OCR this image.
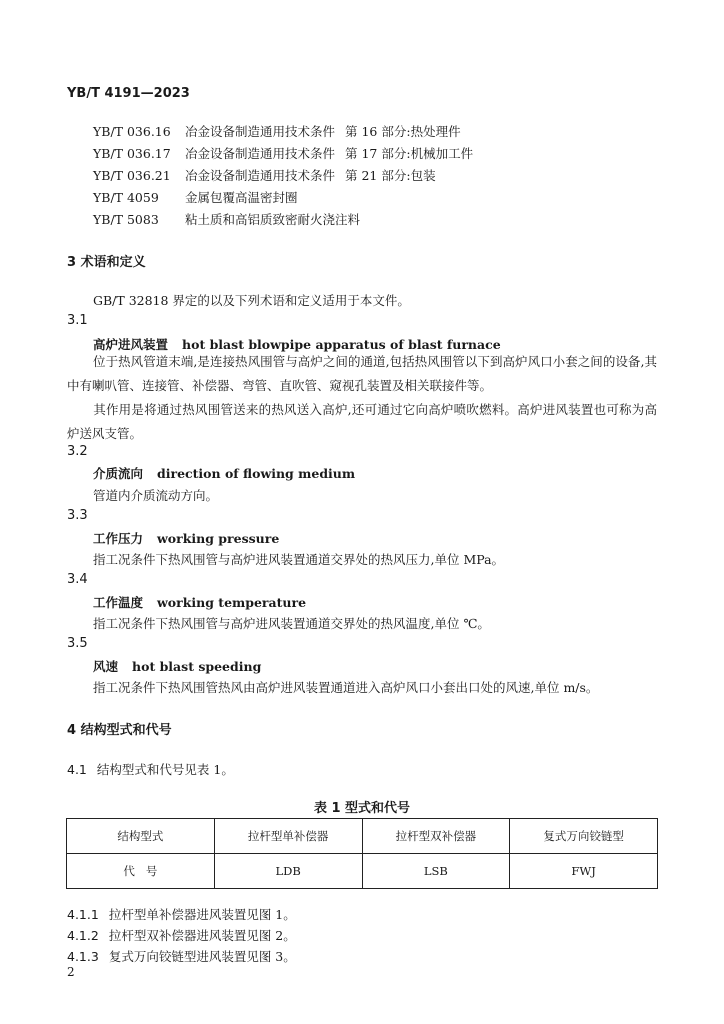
YB/T 4191—2023
YB/T 036.16 冶金设备制造通用技术条件 第 16 部分:热处理件
YB/T 036.17 冶金设备制造通用技术条件 第 17 部分:机械加工件
YB/T 036.21 冶金设备制造通用技术条件 第 21 部分:包装
YB/T 4059 金属包覆高温密封圈
YB/T 5083 粘土质和高铝质致密耐火浇注料
3 术语和定义
GB/T 32818 界定的以及下列术语和定义适用于本文件。
3.1
高炉进风装置 hot blast blowpipe apparatus of blast furnace
位于热风管道末端,是连接热风围管与高炉之间的通道,包括热风围管以下到高炉风口小套之间的设备,其中有喇叭管、连接管、补偿器、弯管、直吹管、窥视孔装置及相关联接件等。
其作用是将通过热风围管送来的热风送入高炉,还可通过它向高炉喷吹燃料。高炉进风装置也可称为高炉送风支管。
3.2
介质流向 direction of flowing medium
管道内介质流动方向。
3.3
工作压力 working pressure
指工况条件下热风围管与高炉进风装置通道交界处的热风压力,单位 MPa。
3.4
工作温度 working temperature
指工况条件下热风围管与高炉进风装置通道交界处的热风温度,单位 ℃。
3.5
风速 hot blast speeding
指工况条件下热风围管热风由高炉进风装置通道进入高炉风口小套出口处的风速,单位 m/s。
4 结构型式和代号
4.1 结构型式和代号见表 1。
表 1 型式和代号
结构型式	拉杆型单补偿器	拉杆型双补偿器	复式万向铰链型
代   号	LDB	LSB	FWJ
4.1.1 拉杆型单补偿器进风装置见图 1。
4.1.2 拉杆型双补偿器进风装置见图 2。
4.1.3 复式万向铰链型进风装置见图 3。
2
